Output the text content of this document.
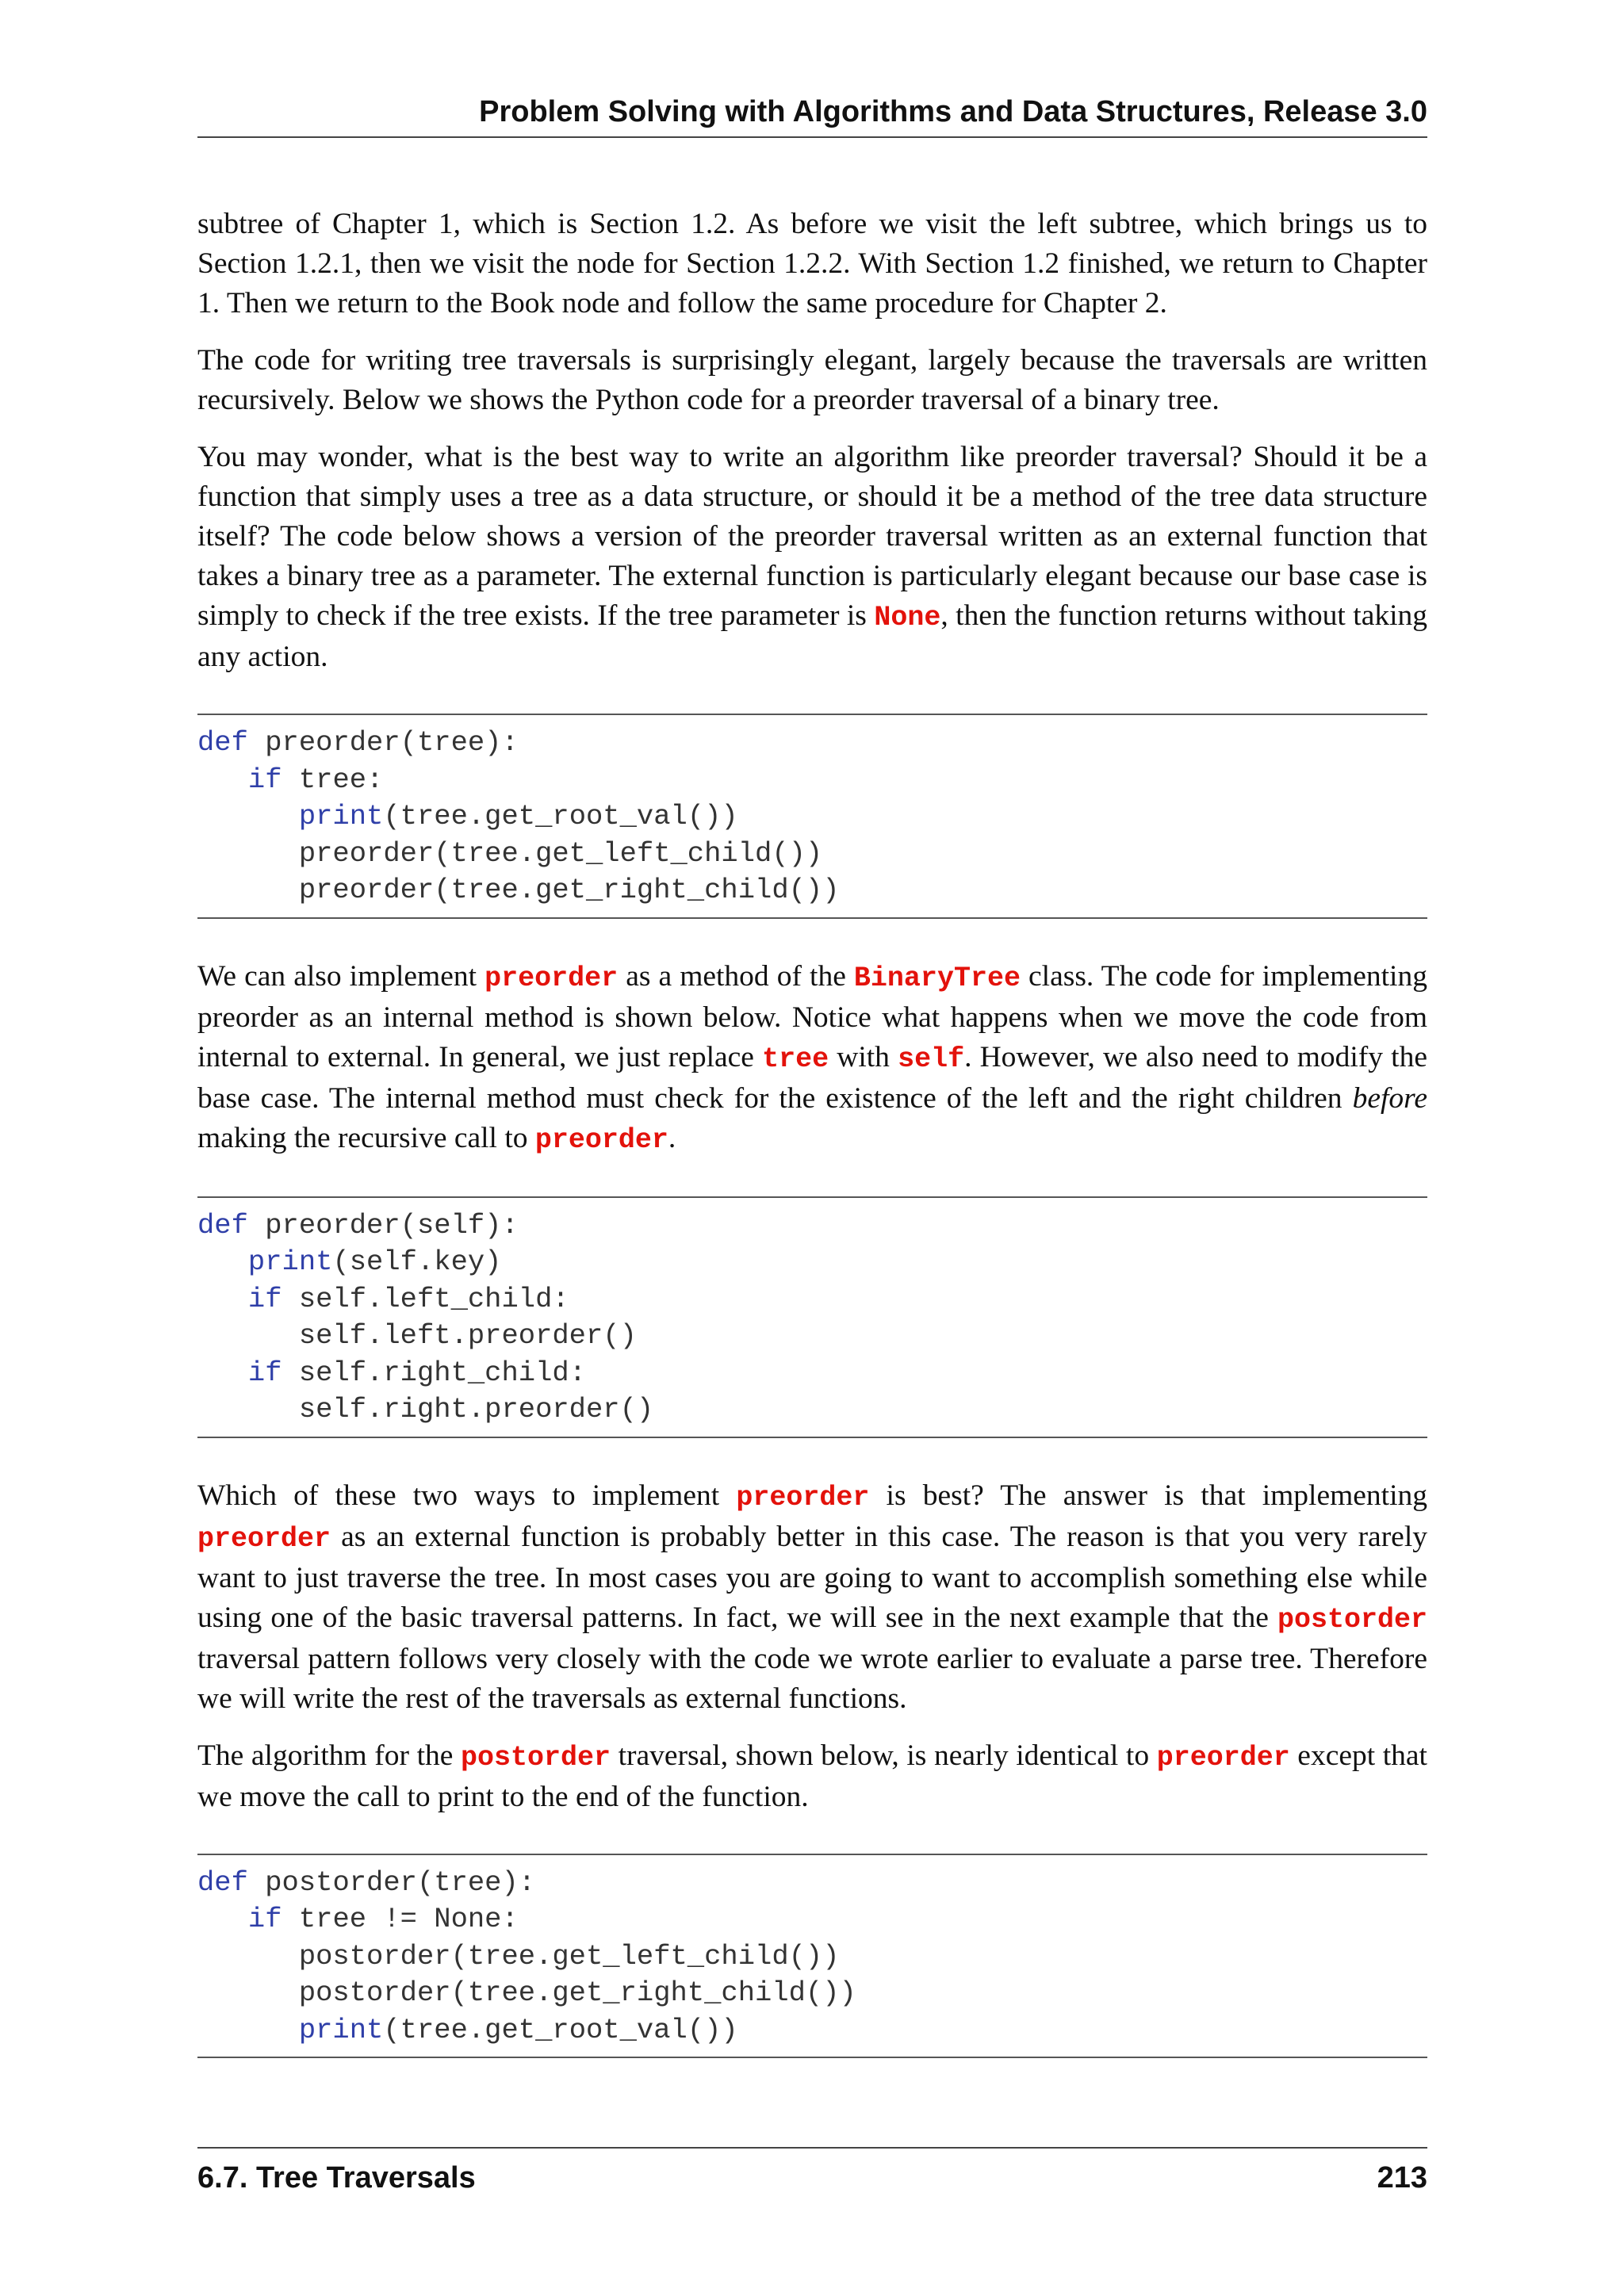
Problem Solving with Algorithms and Data Structures, Release 3.0

subtree of Chapter 1, which is Section 1.2. As before we visit the left subtree, which brings us to Section 1.2.1, then we visit the node for Section 1.2.2. With Section 1.2 finished, we return to Chapter 1. Then we return to the Book node and follow the same procedure for Chapter 2.

The code for writing tree traversals is surprisingly elegant, largely because the traversals are written recursively. Below we shows the Python code for a preorder traversal of a binary tree.

You may wonder, what is the best way to write an algorithm like preorder traversal? Should it be a function that simply uses a tree as a data structure, or should it be a method of the tree data structure itself? The code below shows a version of the preorder traversal written as an external function that takes a binary tree as a parameter. The external function is particularly elegant because our base case is simply to check if the tree exists. If the tree parameter is None, then the function returns without taking any action.

def preorder(tree):
if tree:
print(tree.get_root_val())
preorder(tree.get_left_child())
preorder(tree.get_right_child())

We can also implement preorder as a method of the BinaryTree class. The code for implementing preorder as an internal method is shown below. Notice what happens when we move the code from internal to external. In general, we just replace tree with self. However, we also need to modify the base case. The internal method must check for the existence of the left and the right children before making the recursive call to preorder.

def preorder(self):
print(self.key)
if self.left_child:
self.left.preorder()
if self.right_child:
self.right.preorder()

Which of these two ways to implement preorder is best? The answer is that implementing preorder as an external function is probably better in this case. The reason is that you very rarely want to just traverse the tree. In most cases you are going to want to accomplish something else while using one of the basic traversal patterns. In fact, we will see in the next example that the postorder traversal pattern follows very closely with the code we wrote earlier to evaluate a parse tree. Therefore we will write the rest of the traversals as external functions.

The algorithm for the postorder traversal, shown below, is nearly identical to preorder except that we move the call to print to the end of the function.

def postorder(tree):
if tree != None:
postorder(tree.get_left_child())
postorder(tree.get_right_child())
print(tree.get_root_val())
6.7. Tree Traversals	213
